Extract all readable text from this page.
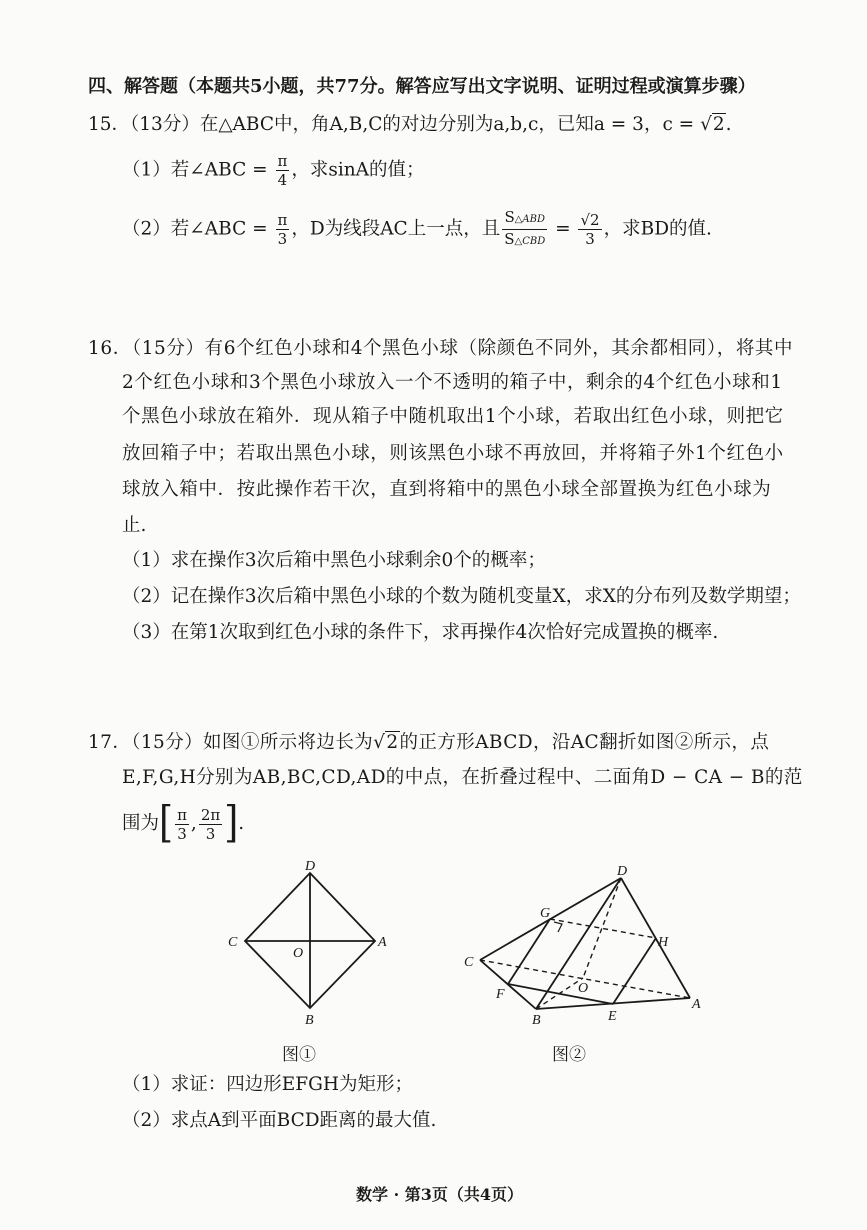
四、解答题（本题共5小题，共77分。解答应写出文字说明、证明过程或演算步骤）
15．（13分）在△ABC中，角A,B,C的对边分别为a,b,c，已知a = 3，c = √2.
（1）若∠ABC = $\frac{\pi}{4}$ ，求sinA的值；
（2）若∠ABC = $\frac{\pi}{3}$ ，D为线段AC上一点，且 $\frac{\text{S△ABD}}{\text{S△CBD}} = \frac{√2}{3}$ ，求BD的值.
16．（15分）有6个红色小球和4个黑色小球（除颜色不同外，其余都相同），将其中
2个红色小球和3个黑色小球放入一个不透明的箱子中，剩余的4个红色小球和1
个黑色小球放在箱外．现从箱子中随机取出1个小球，若取出红色小球，则把它
放回箱子中；若取出黑色小球，则该黑色小球不再放回，并将箱子外1个红色小
球放入箱中．按此操作若干次，直到将箱中的黑色小球全部置换为红色小球为
止.
（1）求在操作3次后箱中黑色小球剩余0个的概率；
（2）记在操作3次后箱中黑色小球的个数为随机变量X，求X的分布列及数学期望；
（3）在第1次取到红色小球的条件下，求再操作4次恰好完成置换的概率.
17．（15分）如图①所示将边长为√2的正方形ABCD，沿AC翻折如图②所示，点
E,F,G,H分别为AB,BC,CD,AD的中点，在折叠过程中、二面角D − CA − B的范
围为[ $\frac{\pi}{3}$ , $\frac{2\pi}{3}$ ].
D
C
O
A
B
图①
D
G
H
C
F	O
B	E
A
图②
（1）求证：四边形EFGH为矩形；
（2）求点A到平面BCD距离的最大值.
数学 · 第3页（共4页）
